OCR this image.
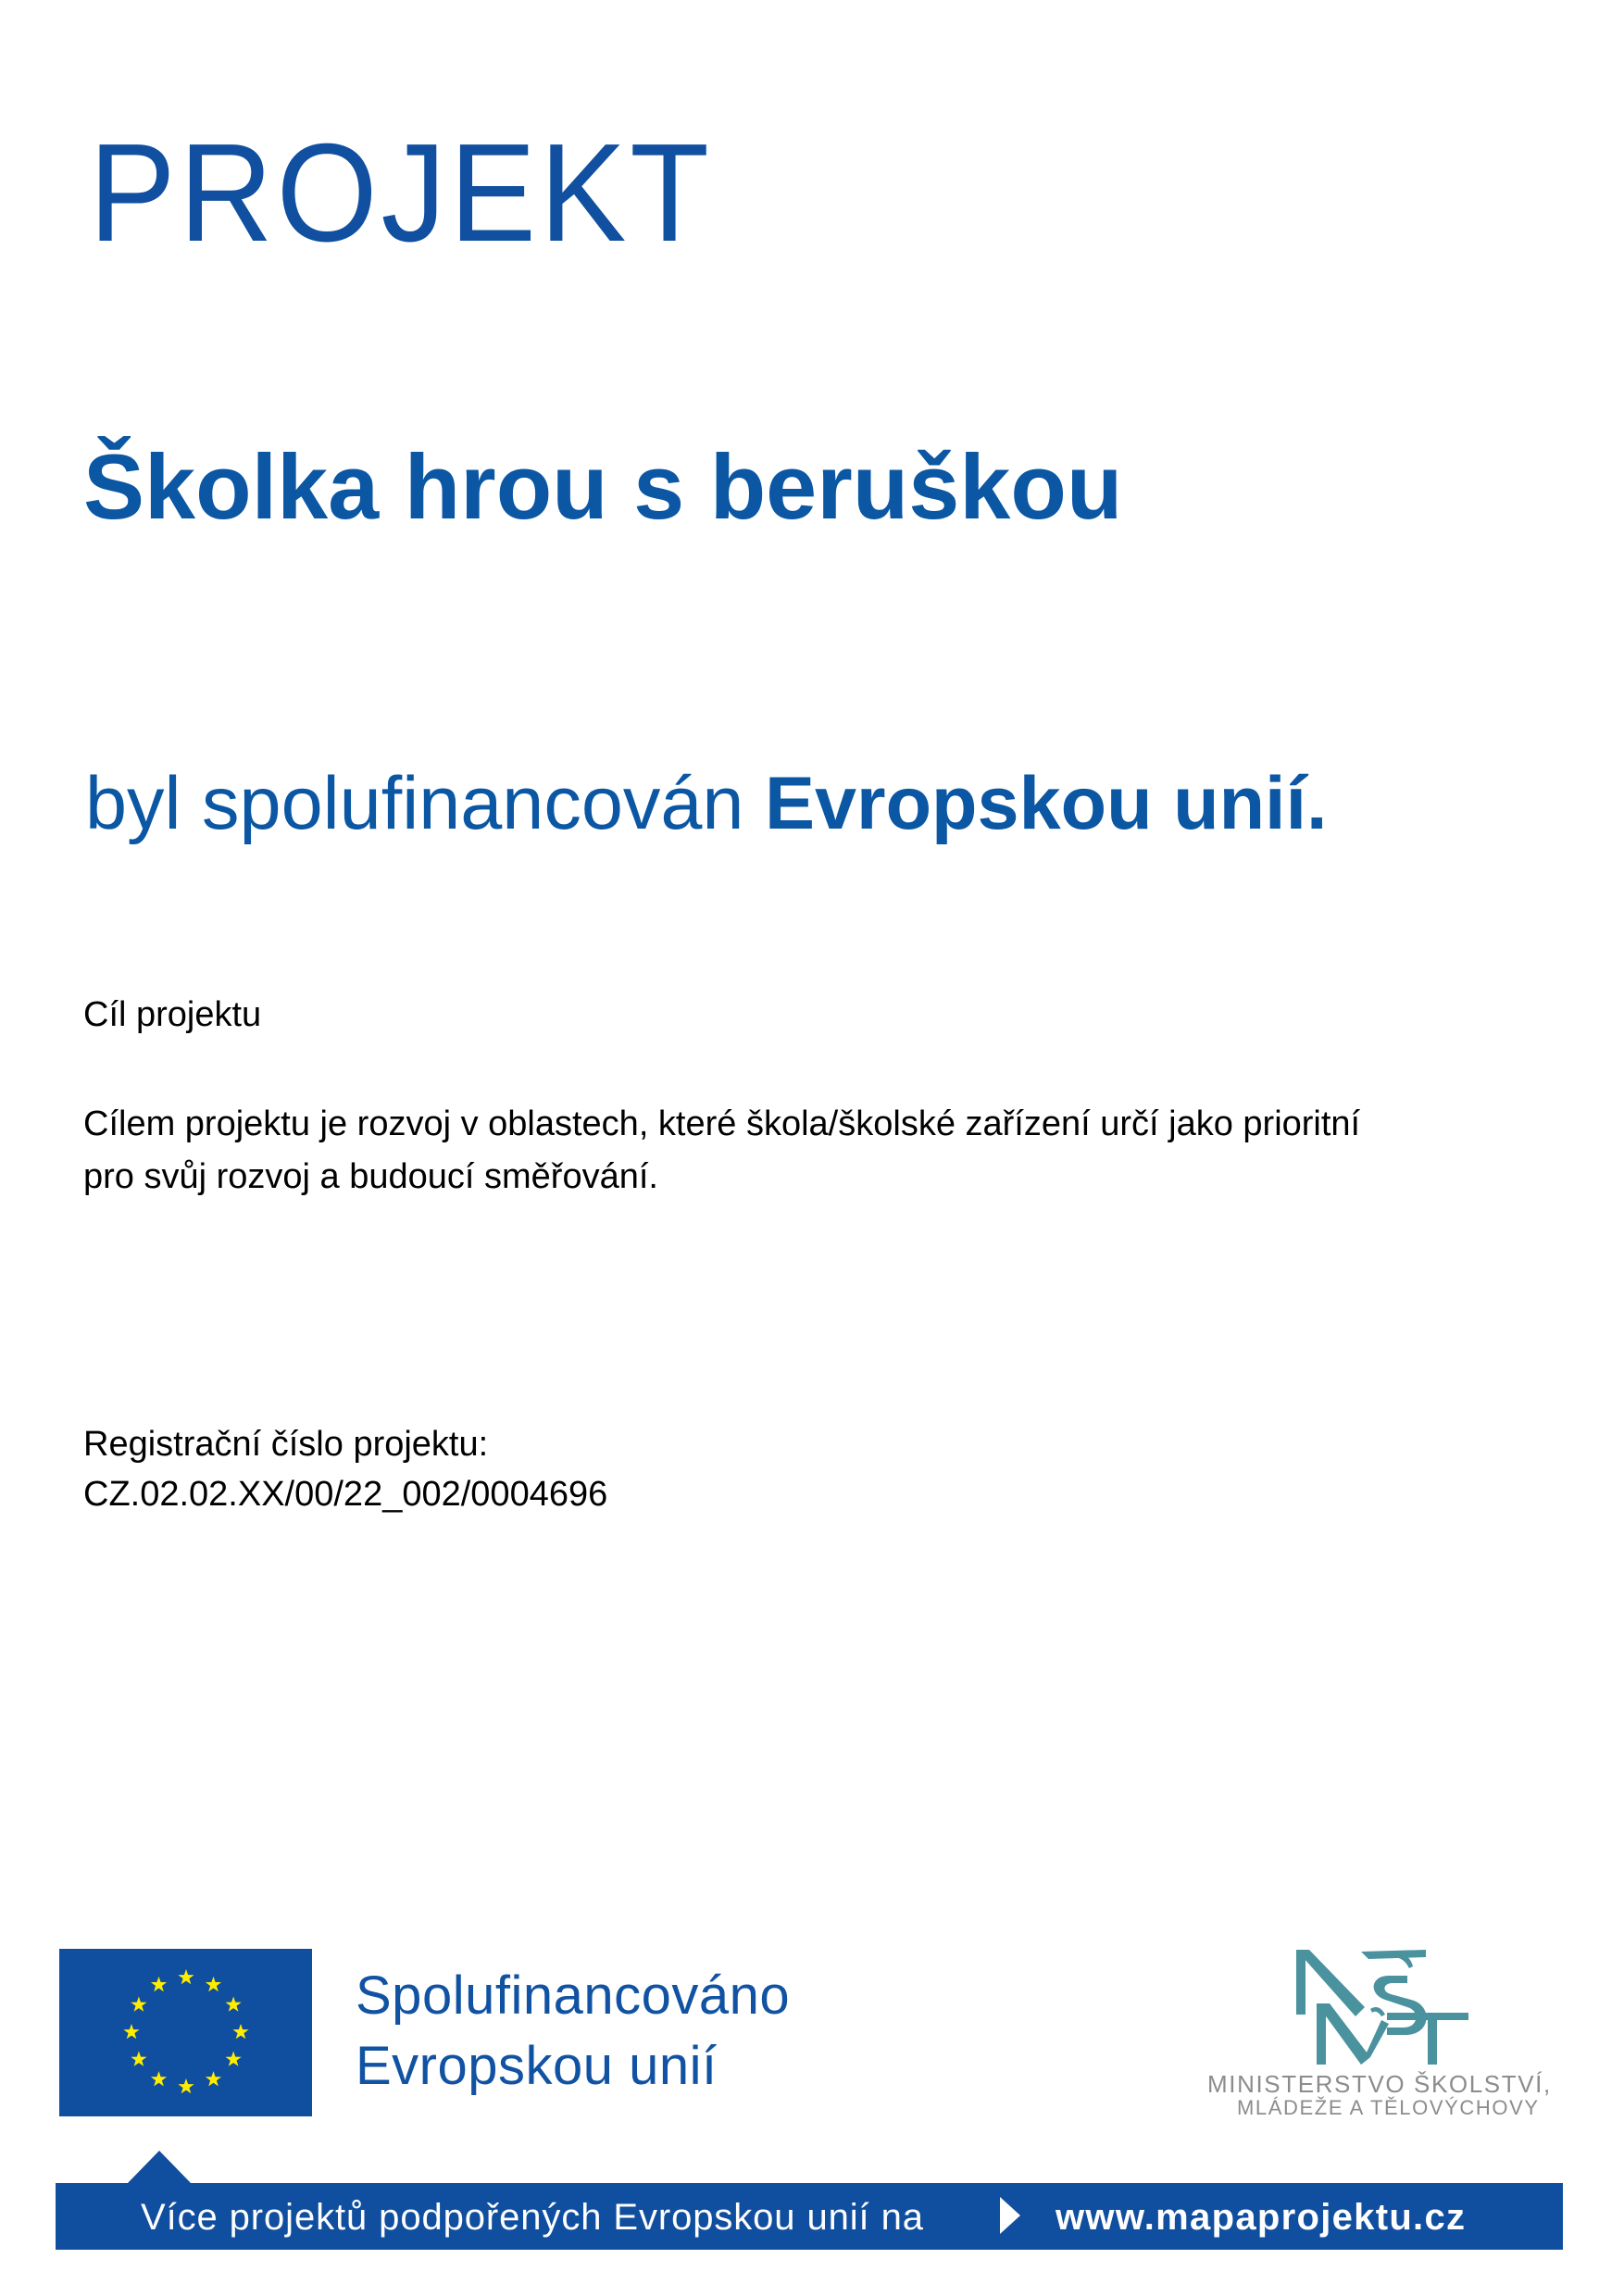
PROJEKT
Školka hrou s beruškou
byl spolufinancován Evropskou unií.
Cíl projektu
Cílem projektu je rozvoj v oblastech, které škola/školské zařízení určí jako prioritní
pro svůj rozvoj a budoucí směřování.
Registrační číslo projektu:
CZ.02.02.XX/00/22_002/0004696
Spolufinancováno
Evropskou unií	MINISTERSTVO ŠKOLSTVÍ,
MLÁDEŽE A TĚLOVÝCHOVY
Více projektů podpořených Evropskou unií na	www.mapaprojektu.cz
